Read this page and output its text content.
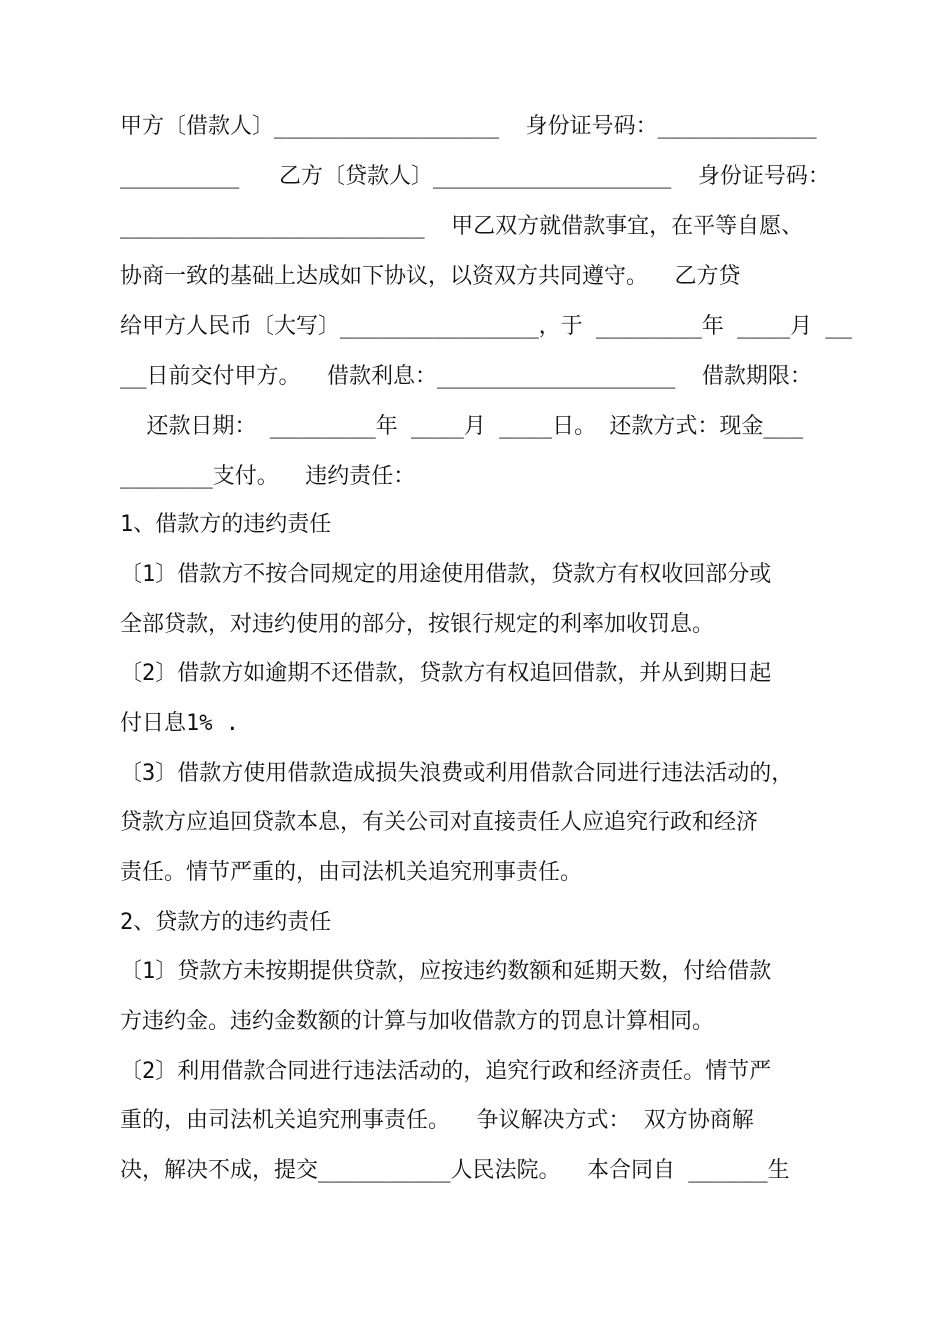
甲方〔借款人〕_________________  身份证号码：____________
_________   乙方〔贷款人〕__________________  身份证号码：
_______________________  甲乙双方就借款事宜，在平等自愿、
协商一致的基础上达成如下协议，以资双方共同遵守。  乙方贷
给甲方人民币〔大写〕_______________，于 ________年 ____月 __
__日前交付甲方。  借款利息：__________________  借款期限：
还款日期： ________年 ____月 ____日。 还款方式：现金___
_______支付。  违约责任：
1、借款方的违约责任
〔1〕借款方不按合同规定的用途使用借款，贷款方有权收回部分或
全部贷款，对违约使用的部分，按银行规定的利率加收罚息。
〔2〕借款方如逾期不还借款，贷款方有权追回借款，并从到期日起
付日息1% .
〔3〕借款方使用借款造成损失浪费或利用借款合同进行违法活动的，
贷款方应追回贷款本息，有关公司对直接责任人应追究行政和经济
责任。情节严重的，由司法机关追究刑事责任。
2、贷款方的违约责任
〔1〕贷款方未按期提供贷款，应按违约数额和延期天数，付给借款
方违约金。违约金数额的计算与加收借款方的罚息计算相同。
〔2〕利用借款合同进行违法活动的，追究行政和经济责任。情节严
重的，由司法机关追究刑事责任。  争议解决方式： 双方协商解
决，解决不成，提交__________人民法院。  本合同自 ______生
